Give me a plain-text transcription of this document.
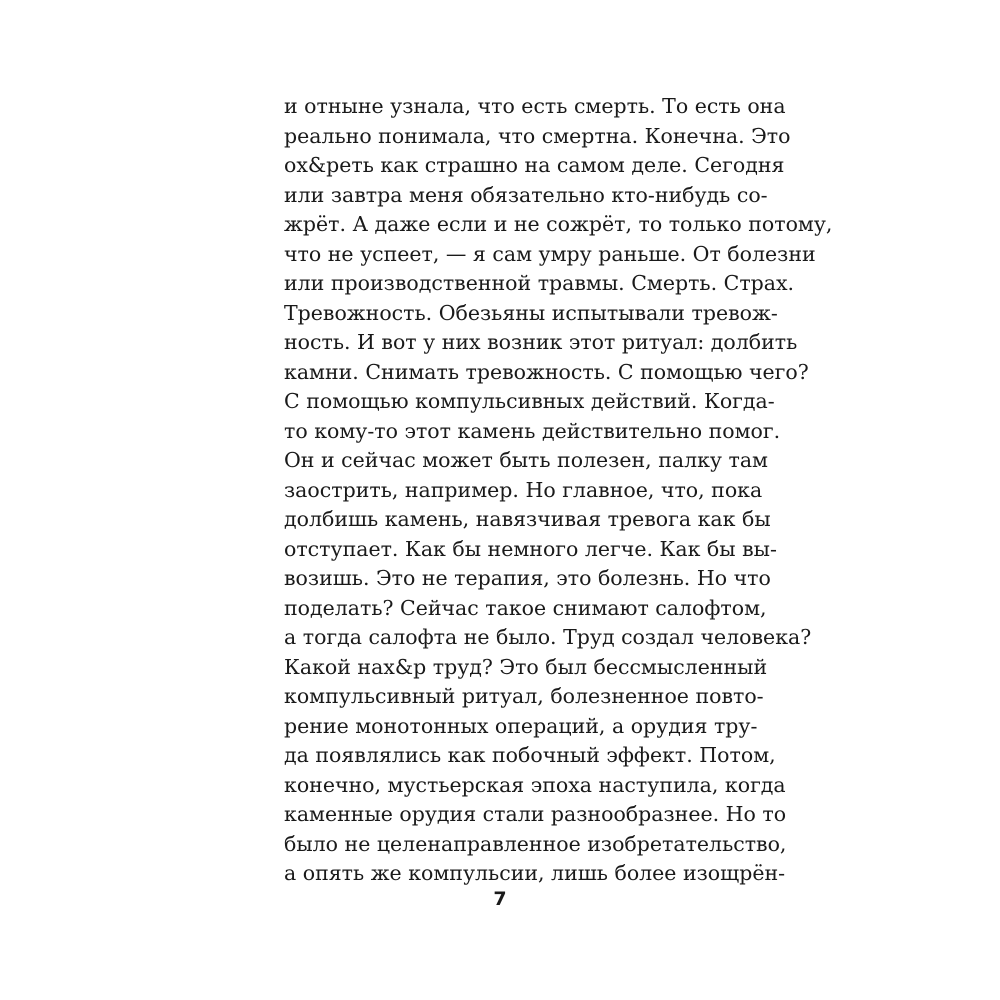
и отныне узнала, что есть смерть. То есть она
реально понимала, что смертна. Конечна. Это
ох&реть как страшно на самом деле. Сегодня
или завтра меня обязательно кто-нибудь со-
жрёт. А даже если и не сожрёт, то только потому,
что не успеет, — я сам умру раньше. От болезни
или производственной травмы. Смерть. Страх.
Тревожность. Обезьяны испытывали тревож-
ность. И вот у них возник этот ритуал: долбить
камни. Снимать тревожность. С помощью чего?
С помощью компульсивных действий. Когда-
то кому-то этот камень действительно помог.
Он и сейчас может быть полезен, палку там
заострить, например. Но главное, что, пока
долбишь камень, навязчивая тревога как бы
отступает. Как бы немного легче. Как бы вы-
возишь. Это не терапия, это болезнь. Но что
поделать? Сейчас такое снимают салофтом,
а тогда салофта не было. Труд создал человека?
Какой нах&р труд? Это был бессмысленный
компульсивный ритуал, болезненное повто-
рение монотонных операций, а орудия тру-
да появлялись как побочный эффект. Потом,
конечно, мустьерская эпоха наступила, когда
каменные орудия стали разнообразнее. Но то
было не целенаправленное изобретательство,
а опять же компульсии, лишь более изощрён-
7
